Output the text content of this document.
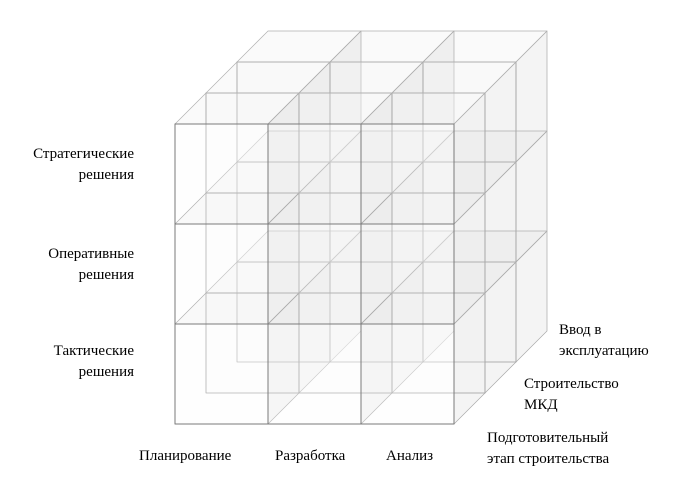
Стратегические
решения
Оперативные
решения
Тактические
решения
Планирование	Разработка	Анализ
Ввод в
эксплуатацию
Строительство
МКД
Подготовительный
этап строительства
